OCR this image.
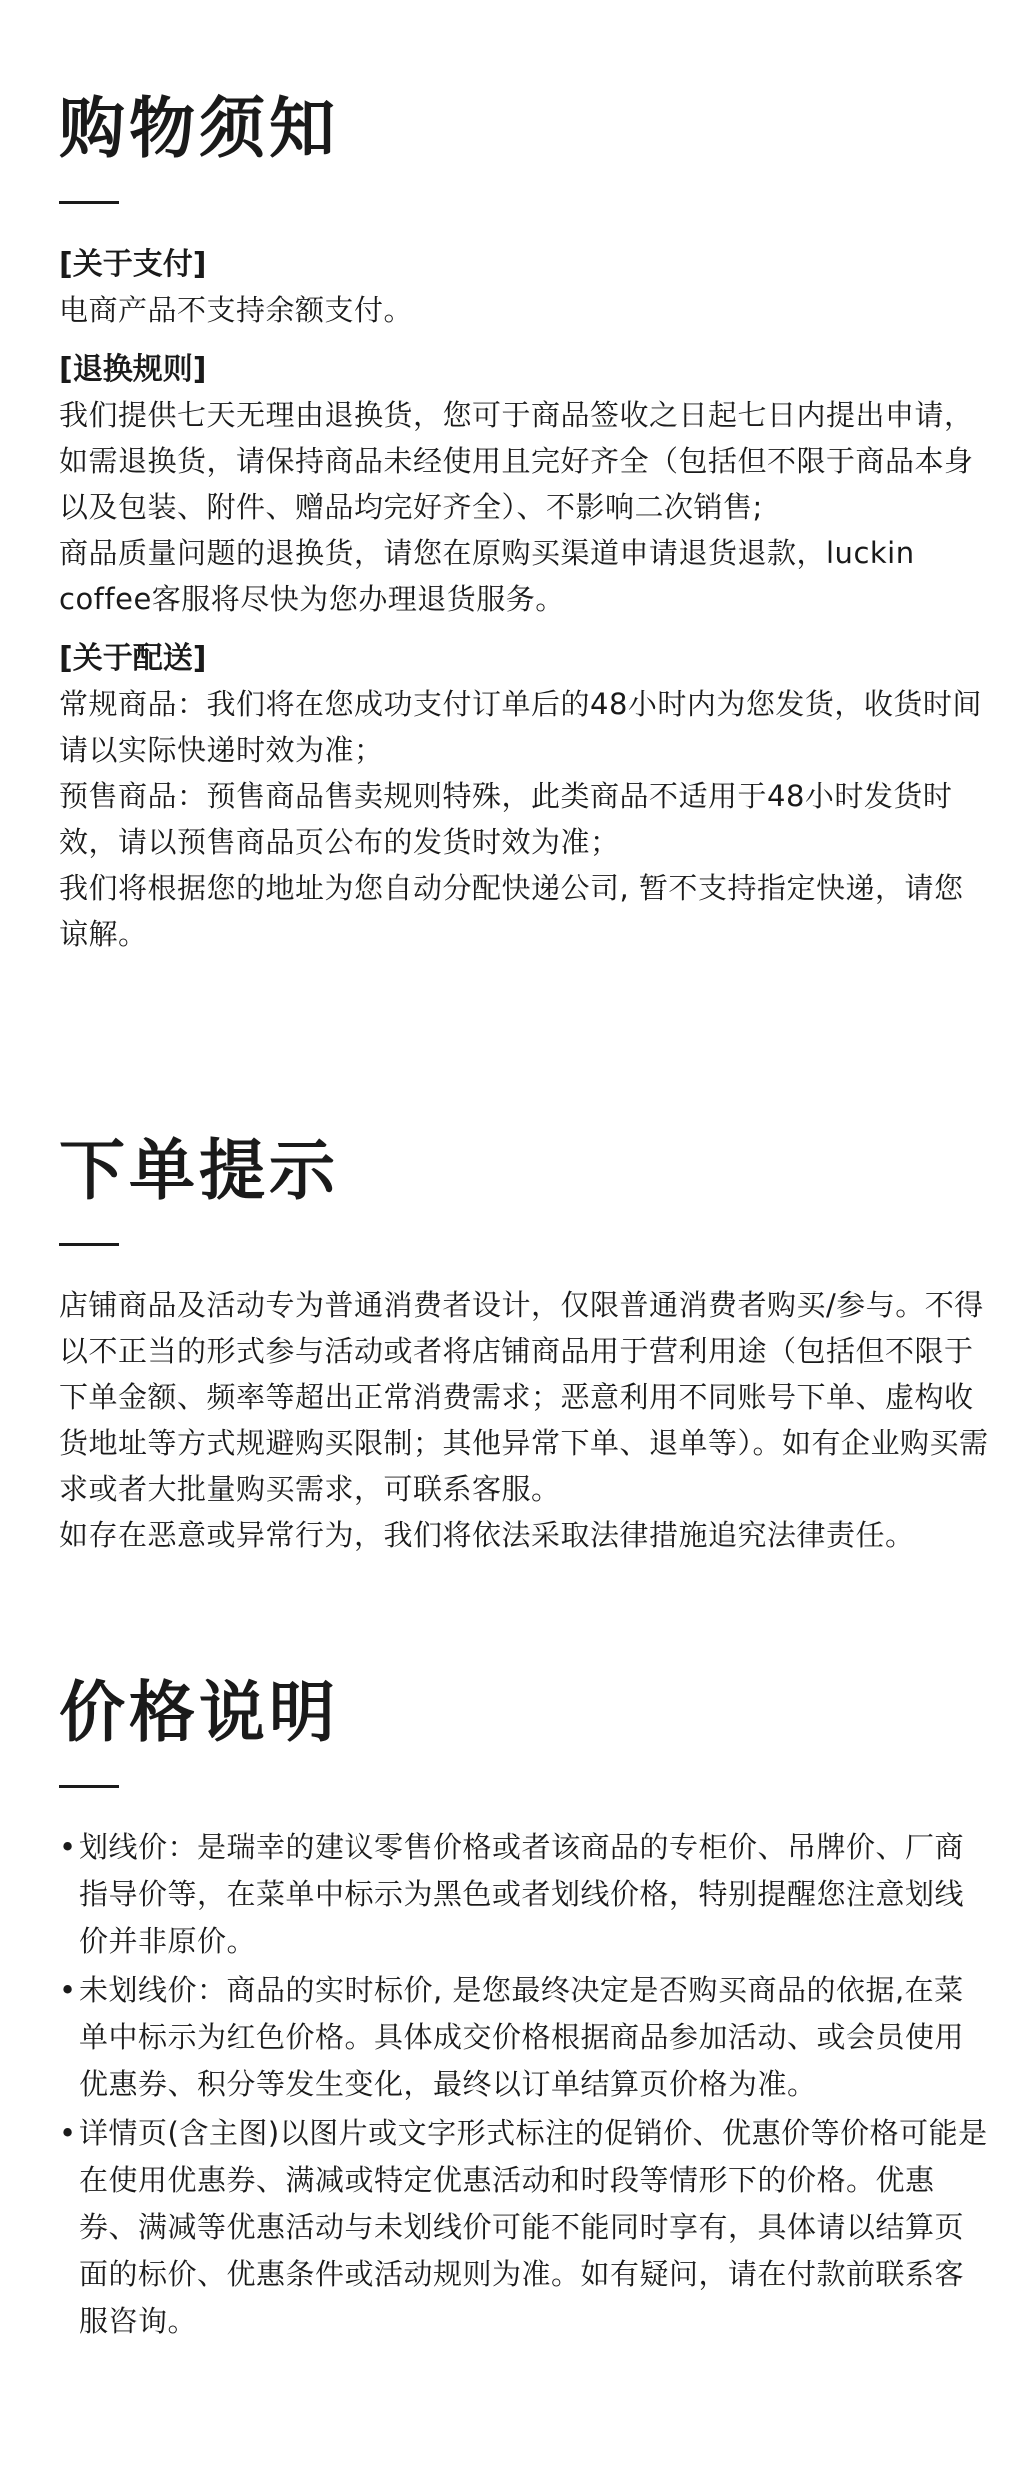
购物须知
[关于支付]
电商产品不支持余额支付。
[退换规则]
我们提供七天无理由退换货，您可于商品签收之日起七日内提出申请，如需退换货，请保持商品未经使用且完好齐全（包括但不限于商品本身以及包装、附件、赠品均完好齐全）、不影响二次销售;
商品质量问题的退换货，请您在原购买渠道申请退货退款，luckin coffee客服将尽快为您办理退货服务。
[关于配送]
常规商品：我们将在您成功支付订单后的48小时内为您发货，收货时间请以实际快递时效为准；
预售商品：预售商品售卖规则特殊，此类商品不适用于48小时发货时效，请以预售商品页公布的发货时效为准；
我们将根据您的地址为您自动分配快递公司, 暂不支持指定快递，请您谅解。
下单提示
店铺商品及活动专为普通消费者设计，仅限普通消费者购买/参与。不得以不正当的形式参与活动或者将店铺商品用于营利用途（包括但不限于下单金额、频率等超出正常消费需求；恶意利用不同账号下单、虚构收货地址等方式规避购买限制；其他异常下单、退单等）。如有企业购买需求或者大批量购买需求，可联系客服。
如存在恶意或异常行为，我们将依法采取法律措施追究法律责任。
价格说明
• 划线价：是瑞幸的建议零售价格或者该商品的专柜价、吊牌价、厂商指导价等，在菜单中标示为黑色或者划线价格，特别提醒您注意划线价并非原价。
• 未划线价：商品的实时标价, 是您最终决定是否购买商品的依据,在菜单中标示为红色价格。具体成交价格根据商品参加活动、或会员使用优惠券、积分等发生变化，最终以订单结算页价格为准。
• 详情页(含主图)以图片或文字形式标注的促销价、优惠价等价格可能是在使用优惠券、满减或特定优惠活动和时段等情形下的价格。优惠券、满减等优惠活动与未划线价可能不能同时享有，具体请以结算页面的标价、优惠条件或活动规则为准。如有疑问，请在付款前联系客服咨询。
